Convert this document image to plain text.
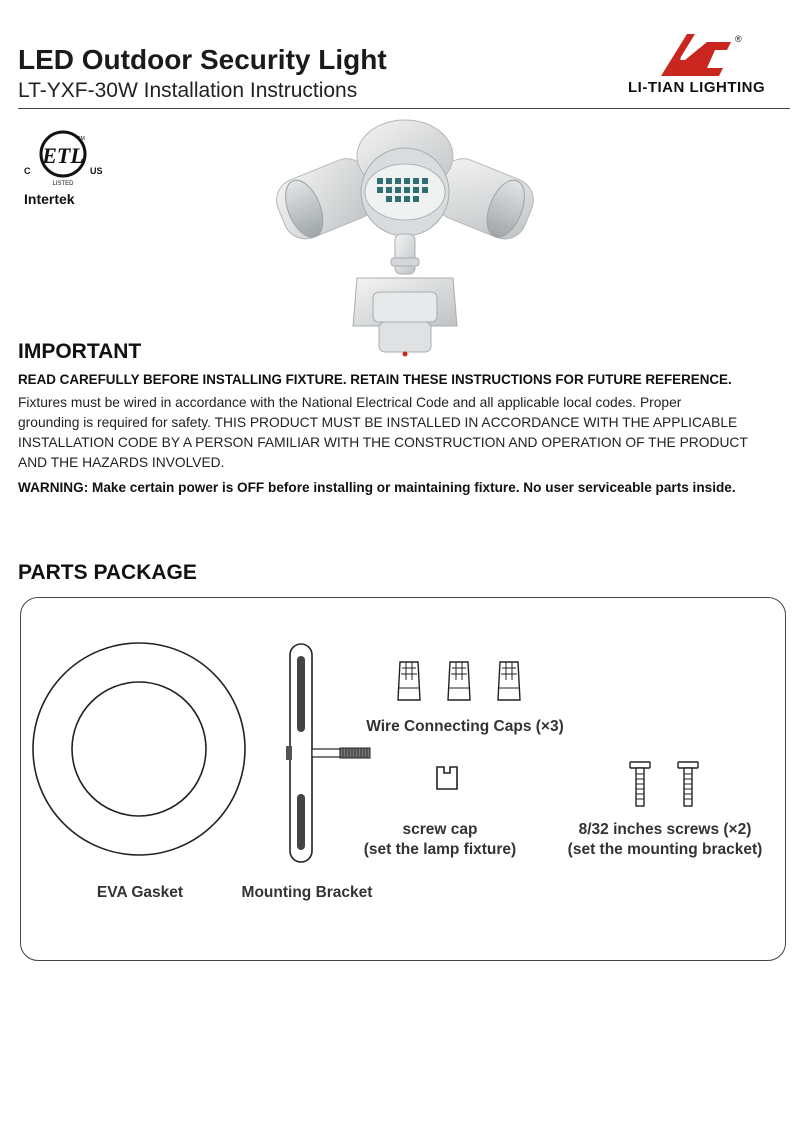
LED Outdoor Security Light
LT-YXF-30W Installation Instructions
®
LI-TIAN LIGHTING
ETL
CM
C	US
LISTED
Intertek
IMPORTANT
READ CAREFULLY BEFORE INSTALLING FIXTURE. RETAIN THESE INSTRUCTIONS FOR FUTURE REFERENCE.
Fixtures must be wired in accordance with the National Electrical Code and all applicable local codes. Proper
grounding is required for safety. THIS PRODUCT MUST BE INSTALLED IN ACCORDANCE WITH THE APPLICABLE
INSTALLATION CODE BY A PERSON FAMILIAR WITH THE CONSTRUCTION AND OPERATION OF THE PRODUCT
AND THE HAZARDS INVOLVED.
WARNING: Make certain power is OFF before installing or maintaining fixture. No user serviceable parts inside.
PARTS PACKAGE
EVA Gasket	Mounting Bracket
Wire Connecting Caps (×3)
screw cap
(set the lamp fixture)
8/32 inches screws (×2)
(set the mounting bracket)
